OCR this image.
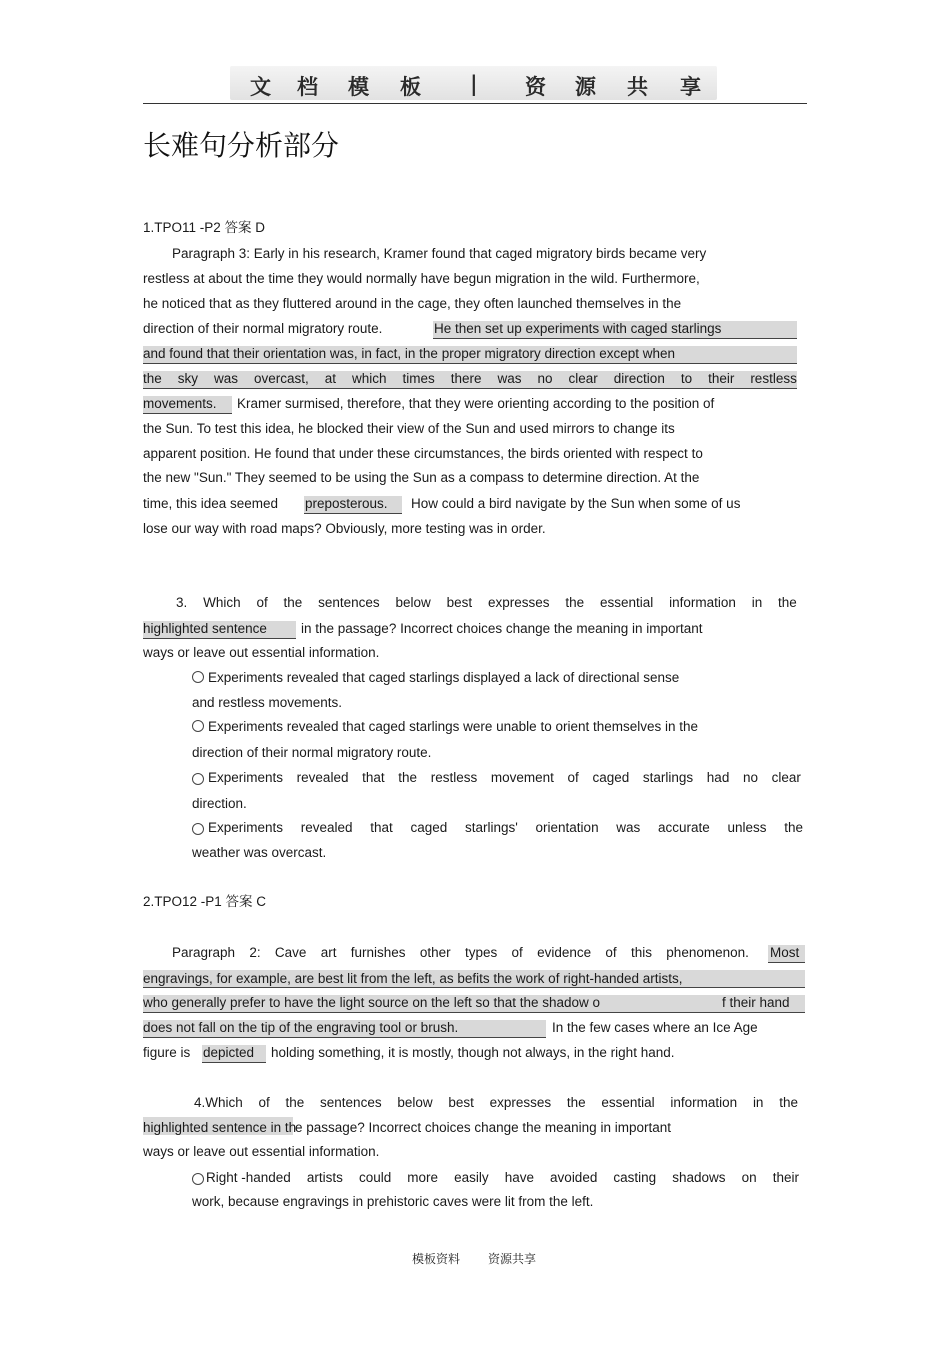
文 档 模 板 | 资 源 共 享
长难句分析部分
1.TPO11 -P2 答案 D
Paragraph 3: Early in his research, Kramer found that caged migratory birds became very
restless at about the time they would normally have begun migration in the wild. Furthermore,
he noticed that as they fluttered around in the cage, they often launched themselves in the
direction of their normal migratory route.	He then set up experiments with caged starlings
and found that their orientation was, in fact, in the proper migratory direction except when
the sky was overcast, at which times there was no clear direction to their restless
movements. Kramer surmised, therefore, that they were orienting according to the position of
the Sun. To test this idea, he blocked their view of the Sun and used mirrors to change its
apparent position. He found that under these circumstances, the birds oriented with respect to
the new "Sun." They seemed to be using the Sun as a compass to determine direction. At the
time, this idea seemed preposterous. How could a bird navigate by the Sun when some of us
lose our way with road maps? Obviously, more testing was in order.
3. Which of the sentences below best expresses the essential information in the
highlighted sentence	in the passage? Incorrect choices change the meaning in important
ways or leave out essential information.
Experiments revealed that caged starlings displayed a lack of directional sense
and restless movements.
Experiments revealed that caged starlings were unable to orient themselves in the
direction of their normal migratory route.
Experiments revealed that the restless movement of caged starlings had no clear
direction.
Experiments revealed that caged starlings' orientation was accurate unless the
weather was overcast.
2.TPO12 -P1 答案 C
Paragraph 2: Cave art furnishes other types of evidence of this phenomenon. Most
engravings, for example, are best lit from the left, as befits the work of right-handed artists,
who generally prefer to have the light source on the left so that the shadow o	f their hand
does not fall on the tip of the engraving tool or brush.	In the few cases where an Ice Age
figure is depicted holding something, it is mostly, though not always, in the right hand.
4.Which of the sentences below best expresses the essential information in the
highlighted sentence in th
e passage? Incorrect choices change the meaning in important
ways or leave out essential information.
Right -handed artists could more easily have avoided casting shadows on their
work, because engravings in prehistoric caves were lit from the left.
模板资料 资源共享
